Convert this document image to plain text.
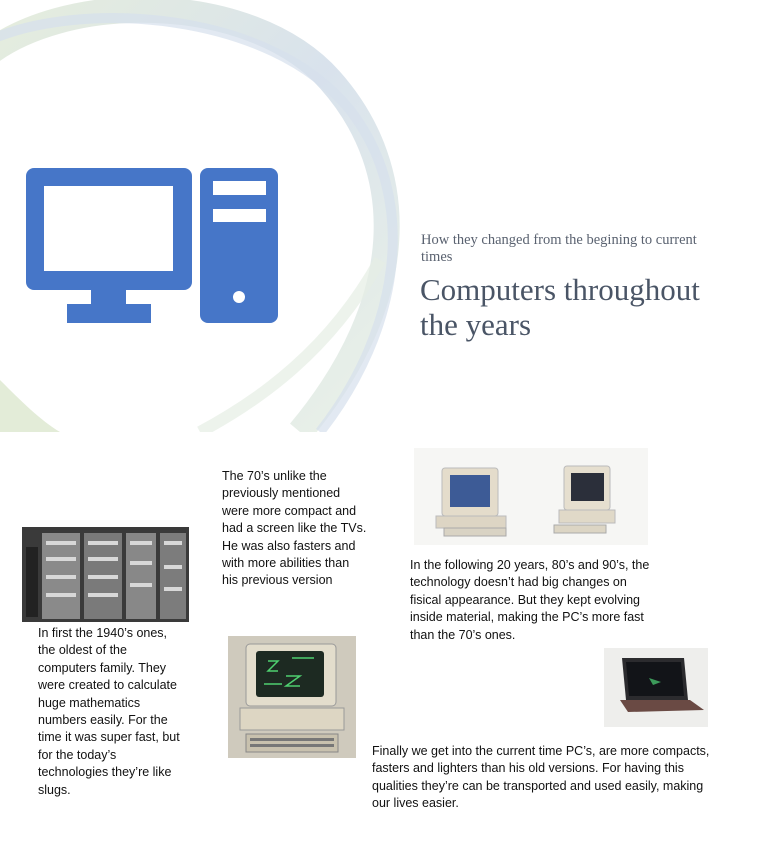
How they changed from the begining to current times
Computers throughout the years
The 70’s unlike the
previously mentioned
were more compact and
had a screen like the TVs.
He was also fasters and
with more abilities than
his previous version
In the following 20 years, 80’s and 90’s, the
technology doesn’t had big changes on
fisical appearance. But they kept evolving
inside material, making the PC’s more fast
than the 70’s ones.
In first the 1940’s ones,
the oldest of the
computers family. They
were created to calculate
huge mathematics
numbers easily. For the
time it was super fast, but
for the today’s
technologies they’re like
slugs.
Finally we get into the current time PC’s, are more compacts,
fasters and lighters than his old versions. For having this
qualities they’re can be transported and used easily, making
our lives easier.
